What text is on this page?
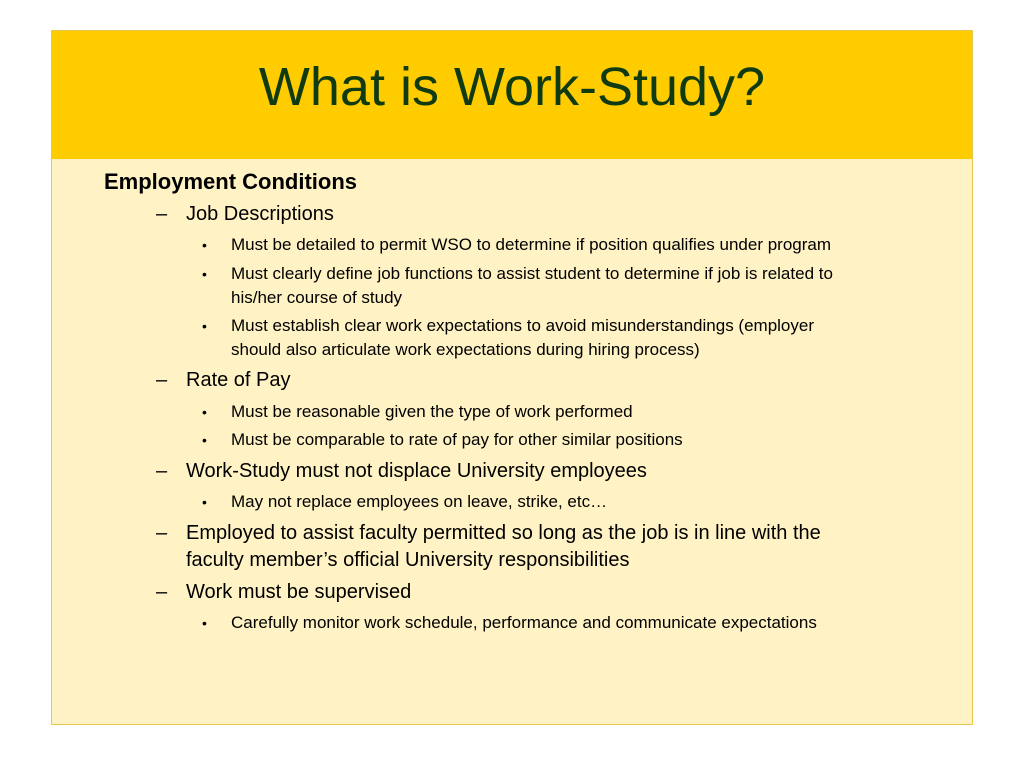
What is Work-Study?
Employment Conditions
– Job Descriptions
• Must be detailed to permit WSO to determine if position qualifies under program
• Must clearly define job functions to assist student to determine if job is related to
his/her course of study
• Must establish clear work expectations to avoid misunderstandings (employer
should also articulate work expectations during hiring process)
– Rate of Pay
• Must be reasonable given the type of work performed
• Must be comparable to rate of pay for other similar positions
– Work-Study must not displace University employees
• May not replace employees on leave, strike, etc…
– Employed to assist faculty permitted so long as the job is in line with the
faculty member’s official University responsibilities
– Work must be supervised
• Carefully monitor work schedule, performance and communicate expectations
